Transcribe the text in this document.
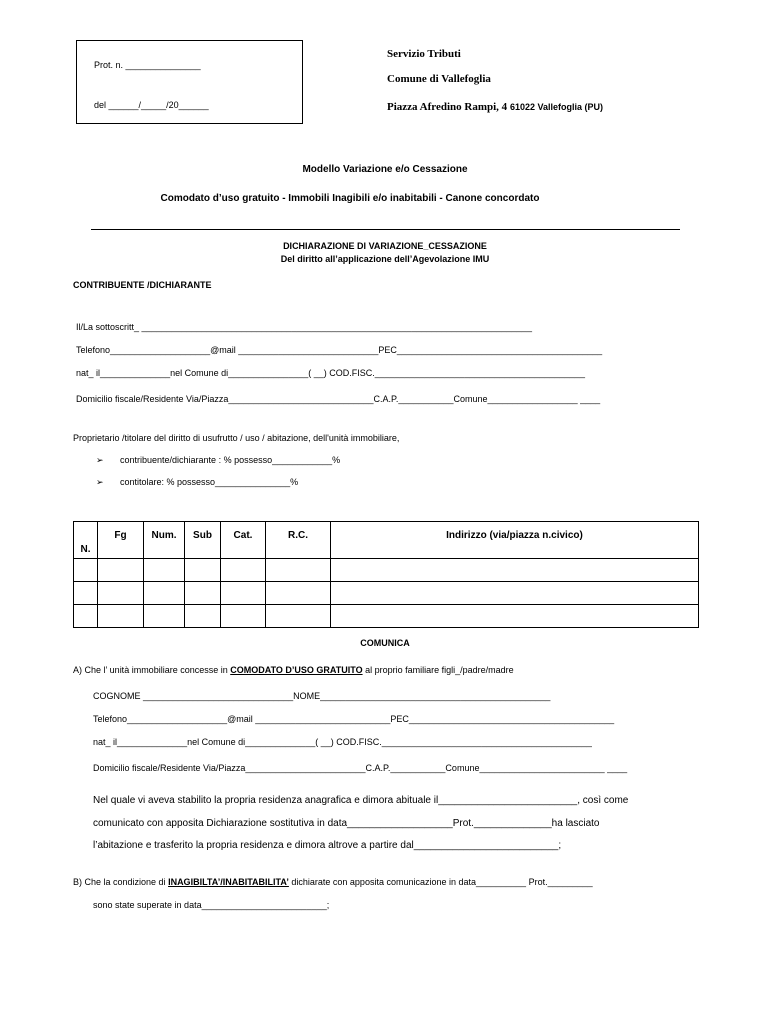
Prot. n. _______________
del ______/_____/20______
Servizio Tributi
Comune di Vallefoglia
Piazza Afredino Rampi, 4 61022 Vallefoglia (PU)
Modello Variazione e/o Cessazione
Comodato d’uso gratuito - Immobili Inagibili e/o inabitabili - Canone concordato
DICHIARAZIONE DI VARIAZIONE_CESSAZIONE
Del diritto all’applicazione dell’Agevolazione IMU
CONTRIBUENTE /DICHIARANTE
Il/La sottoscritt_ ______________________________________________________________________________
Telefono____________________@mail ____________________________PEC_________________________________________
nat_ il______________nel Comune di________________( __) COD.FISC.__________________________________________
Domicilio fiscale/Residente Via/Piazza_____________________________C.A.P.___________Comune__________________ ____
Proprietario /titolare del diritto di usufrutto / uso / abitazione, dell'unità immobiliare,
➢ contribuente/dichiarante : % possesso____________%
➢ contitolare: % possesso_______________%
N.	Fg	Num.	Sub	Cat.	R.C.	Indirizzo (via/piazza n.civico)

COMUNICA
A) Che l’ unità immobiliare concesse in COMODATO D’USO GRATUITO al proprio familiare figli_/padre/madre
COGNOME ______________________________NOME______________________________________________
Telefono____________________@mail ___________________________PEC_________________________________________
nat_ il______________nel Comune di______________( __) COD.FISC.__________________________________________
Domicilio fiscale/Residente Via/Piazza________________________C.A.P.___________Comune_________________________ ____
Nel quale vi aveva stabilito la propria residenza anagrafica e dimora abituale il_________________________, così come
comunicato con apposita Dichiarazione sostitutiva in data___________________Prot.______________ha lasciato
l’abitazione e trasferito la propria residenza e dimora altrove a partire dal__________________________;
B) Che la condizione di INAGIBILTA’/INABITABILITA’ dichiarate con apposita comunicazione in data__________ Prot._________
sono state superate in data_________________________;
